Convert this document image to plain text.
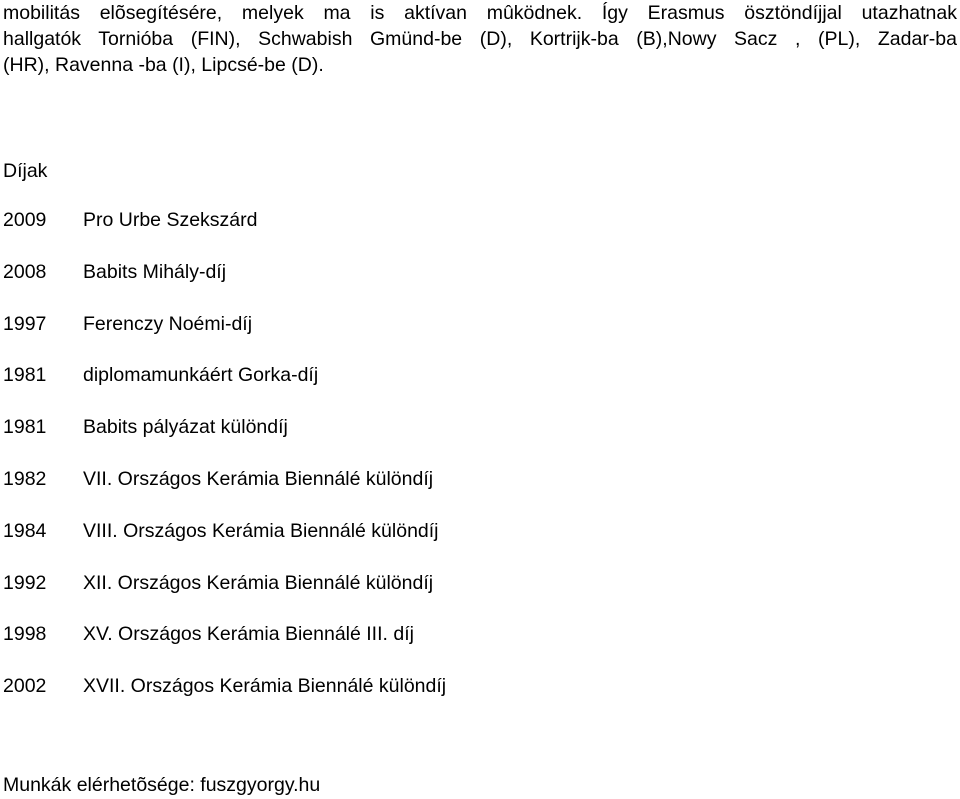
mobilitás elõsegítésére, melyek ma is aktívan mûködnek. Így Erasmus ösztöndíjjal utazhatnak
hallgatók Tornióba (FIN), Schwabish Gmünd-be (D), Kortrijk-ba (B),Nowy Sacz , (PL), Zadar-ba
(HR), Ravenna -ba (I), Lipcsé-be (D).
Díjak
2009	Pro Urbe Szekszárd
2008	Babits Mihály-díj
1997	Ferenczy Noémi-díj
1981	diplomamunkáért Gorka-díj
1981	Babits pályázat különdíj
1982	VII. Országos Kerámia Biennálé különdíj
1984	VIII. Országos Kerámia Biennálé különdíj
1992	XII. Országos Kerámia Biennálé különdíj
1998	XV. Országos Kerámia Biennálé III. díj
2002	XVII. Országos Kerámia Biennálé különdíj
Munkák elérhetõsége: fuszgyorgy.hu
